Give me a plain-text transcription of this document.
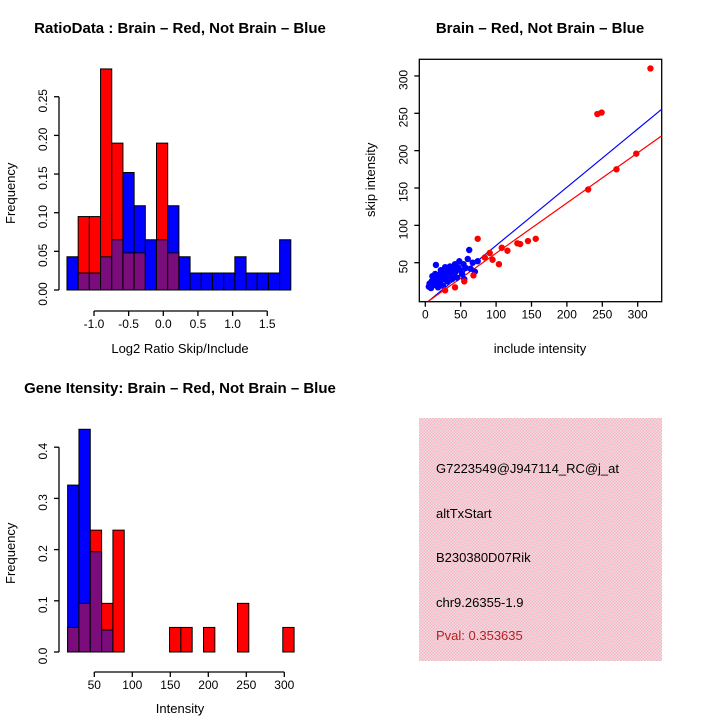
0.00
0.05
0.10
0.15
0.20
0.25
-1.0 -0.5 0.0 0.5 1.0 1.5
RatioData : Brain – Red, Not Brain – Blue
Log2 Ratio Skip/Include
Frequency
0 50 100 150 200 250 300
50
100
150
200
250
300
Brain – Red, Not Brain – Blue
include intensity
skip intensity
0.0
0.1
0.2
0.3
0.4
50 100 150 200 250 300
Gene Itensity: Brain – Red, Not Brain – Blue
Intensity
Frequency
G7223549@J947114_RC@j_at
altTxStart
B230380D07Rik
chr9.26355-1.9
Pval: 0.353635
